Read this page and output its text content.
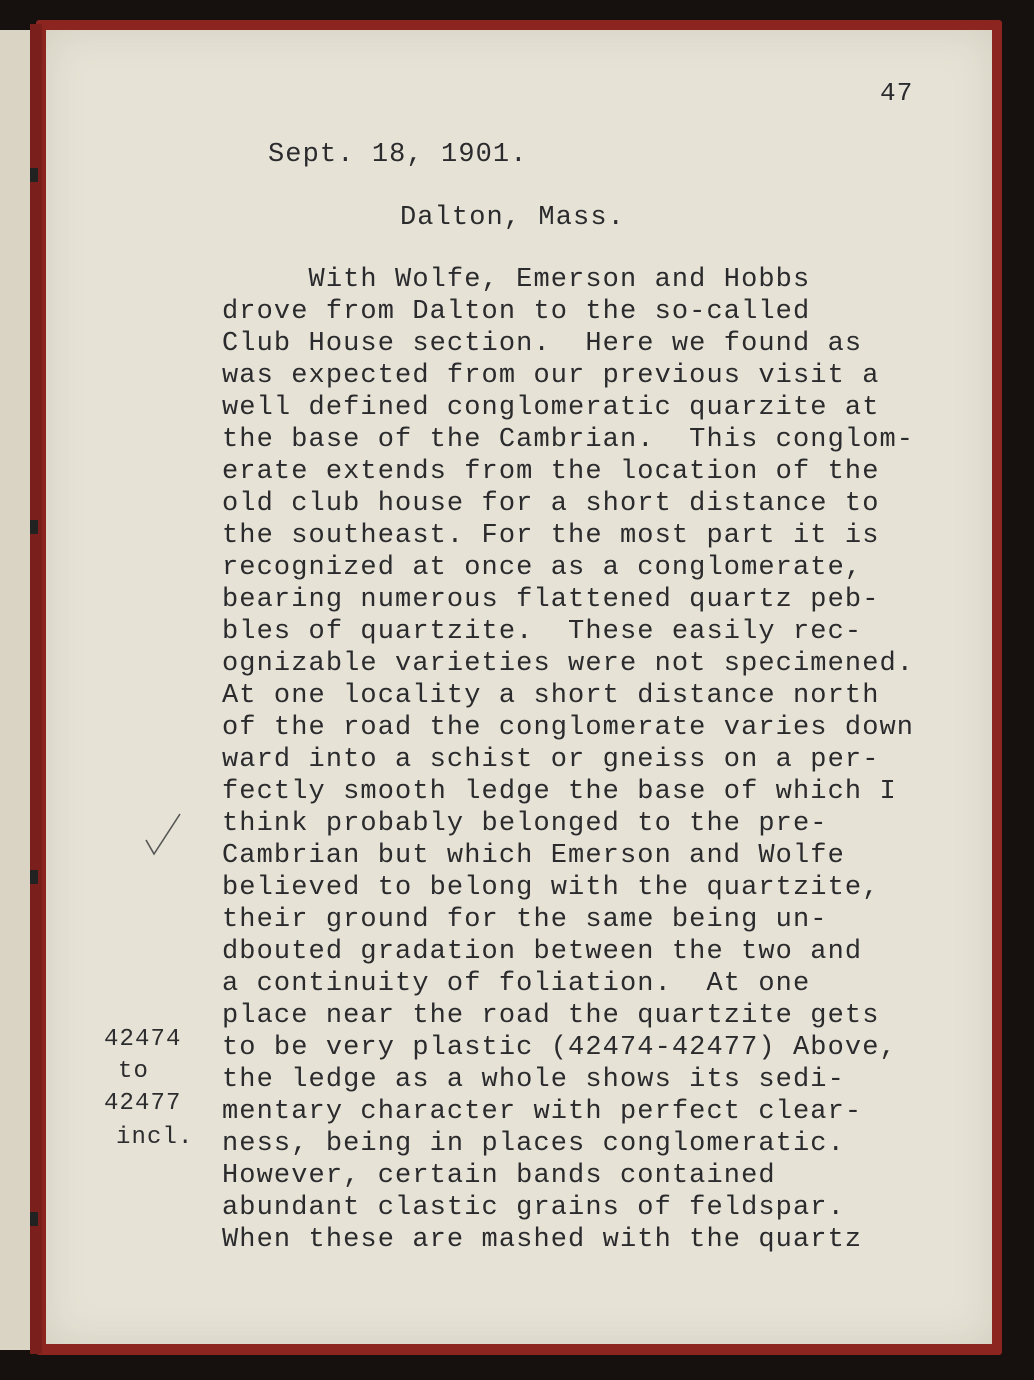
47
Sept. 18, 1901.
Dalton, Mass.
With Wolfe, Emerson and Hobbs
drove from Dalton to the so-called
Club House section.  Here we found as
was expected from our previous visit a
well defined conglomeratic quarzite at
the base of the Cambrian.  This conglom-
erate extends from the location of the
old club house for a short distance to
the southeast. For the most part it is
recognized at once as a conglomerate,
bearing numerous flattened quartz peb-
bles of quartzite.  These easily rec-
ognizable varieties were not specimened.
At one locality a short distance north
of the road the conglomerate varies down
ward into a schist or gneiss on a per-
fectly smooth ledge the base of which I
think probably belonged to the pre-
Cambrian but which Emerson and Wolfe
believed to belong with the quartzite,
their ground for the same being un-
dbouted gradation between the two and
a continuity of foliation.  At one
place near the road the quartzite gets
to be very plastic (42474-42477) Above,
the ledge as a whole shows its sedi-
mentary character with perfect clear-
ness, being in places conglomeratic.
However, certain bands contained
abundant clastic grains of feldspar.
When these are mashed with the quartz
42474
to
42477
incl.
